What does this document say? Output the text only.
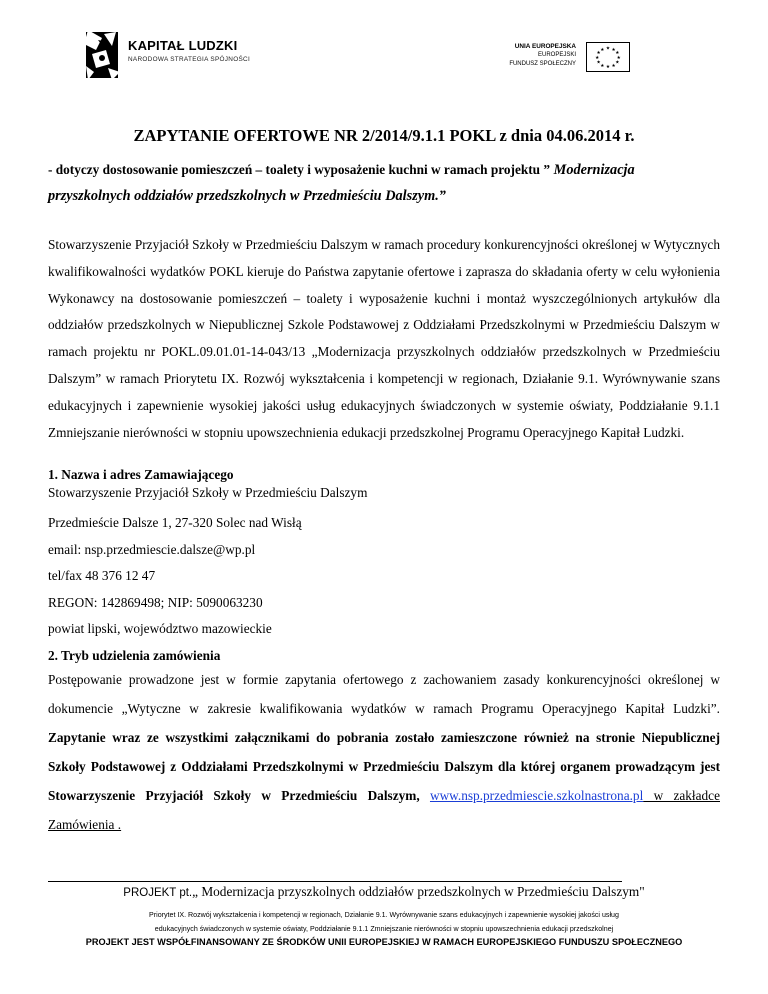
KAPITAŁ LUDZKI
NARODOWA STRATEGIA SPÓJNOŚCI
UNIA EUROPEJSKA
EUROPEJSKI
FUNDUSZ SPOŁECZNY
★ ★
★
★
★
★
★
★
★
★
★
★
ZAPYTANIE OFERTOWE NR 2/2014/9.1.1 POKL z dnia 04.06.2014 r.
- dotyczy dostosowanie pomieszczeń – toalety i wyposażenie kuchni w ramach projektu ” Modernizacja
przyszkolnych oddziałów przedszkolnych w Przedmieściu Dalszym.”
Stowarzyszenie Przyjaciół Szkoły w Przedmieściu Dalszym w ramach procedury konkurencyjności określonej w Wytycznych kwalifikowalności wydatków POKL kieruje do Państwa zapytanie ofertowe i zaprasza do składania oferty w celu wyłonienia Wykonawcy na dostosowanie pomieszczeń – toalety i wyposażenie kuchni i montaż wyszczególnionych artykułów dla oddziałów przedszkolnych w Niepublicznej Szkole Podstawowej z Oddziałami Przedszkolnymi w Przedmieściu Dalszym w ramach projektu nr POKL.09.01.01-14-043/13 „Modernizacja przyszkolnych oddziałów przedszkolnych w Przedmieściu Dalszym” w ramach Priorytetu IX. Rozwój wykształcenia i kompetencji w regionach, Działanie 9.1. Wyrównywanie szans edukacyjnych i zapewnienie wysokiej jakości usług edukacyjnych świadczonych w systemie oświaty, Poddziałanie 9.1.1 Zmniejszanie nierówności w stopniu upowszechnienia edukacji przedszkolnej Programu Operacyjnego Kapitał Ludzki.
1. Nazwa i adres Zamawiającego
Stowarzyszenie Przyjaciół Szkoły w Przedmieściu Dalszym
Przedmieście Dalsze 1, 27-320 Solec nad Wisłą
email: nsp.przedmiescie.dalsze@wp.pl
tel/fax 48 376 12 47
REGON: 142869498; NIP: 5090063230
powiat lipski, województwo mazowieckie
2. Tryb udzielenia zamówienia
Postępowanie prowadzone jest w formie zapytania ofertowego z zachowaniem zasady konkurencyjności określonej w dokumencie „Wytyczne w zakresie kwalifikowania wydatków w ramach Programu Operacyjnego Kapitał Ludzki”. Zapytanie wraz ze wszystkimi załącznikami do pobrania zostało zamieszczone również na stronie Niepublicznej Szkoły Podstawowej z Oddziałami Przedszkolnymi w Przedmieściu Dalszym dla której organem prowadzącym jest Stowarzyszenie Przyjaciół Szkoły w Przedmieściu Dalszym, www.nsp.przedmiescie.szkolnastrona.pl w zakładce Zamówienia .
PROJEKT pt.„ Modernizacja przyszkolnych oddziałów przedszkolnych w Przedmieściu Dalszym"
Priorytet IX. Rozwój wykształcenia i kompetencji w regionach, Działanie 9.1. Wyrównywanie szans edukacyjnych i zapewnienie wysokiej jakości usług
edukacyjnych świadczonych w systemie oświaty, Poddziałanie 9.1.1 Zmniejszanie nierówności w stopniu upowszechnienia edukacji przedszkolnej
PROJEKT JEST WSPÓŁFINANSOWANY ZE ŚRODKÓW UNII EUROPEJSKIEJ W RAMACH EUROPEJSKIEGO FUNDUSZU SPOŁECZNEGO
